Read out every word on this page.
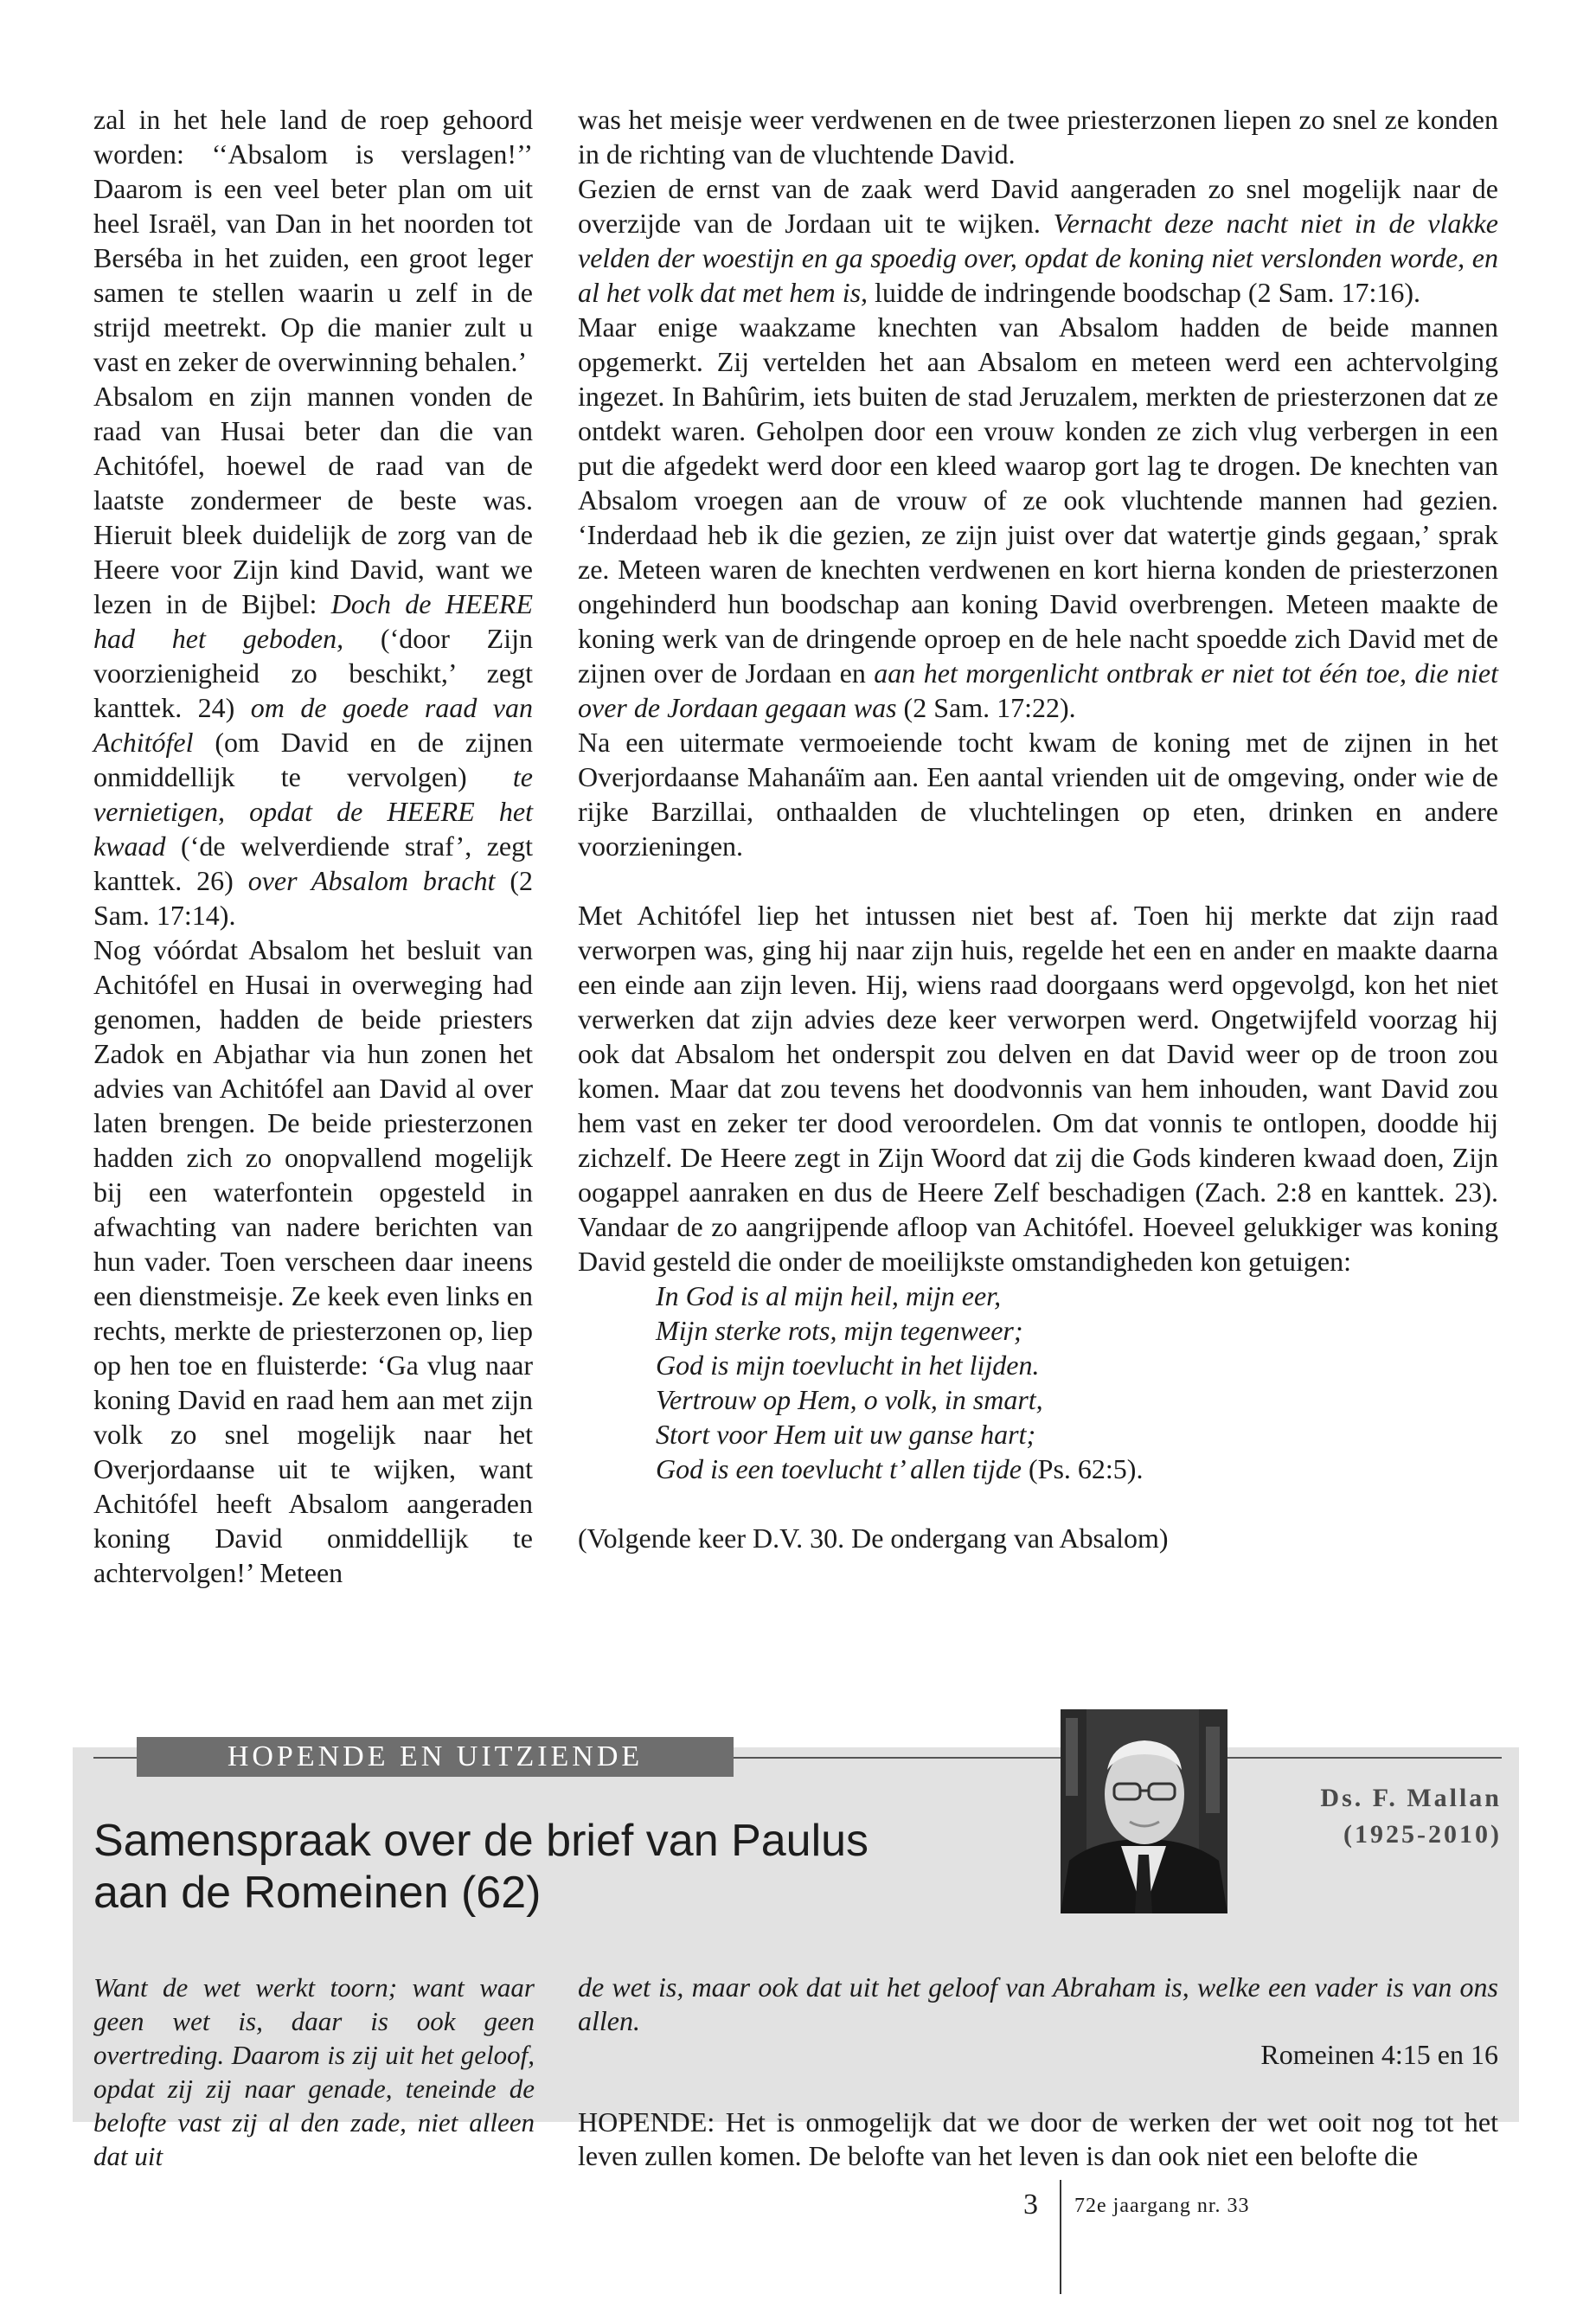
zal in het hele land de roep gehoord worden: ‘‘Absalom is verslagen!’’ Daarom is een veel beter plan om uit heel Israël, van Dan in het noorden tot Berséba in het zuiden, een groot leger samen te stellen waarin u zelf in de strijd meetrekt. Op die manier zult u vast en zeker de overwinning behalen.’

Absalom en zijn mannen vonden de raad van Husai beter dan die van Achitófel, hoewel de raad van de laatste zondermeer de beste was. Hieruit bleek duidelijk de zorg van de Heere voor Zijn kind David, want we lezen in de Bijbel: Doch de HEERE had het geboden, (‘door Zijn voorzienigheid zo beschikt,’ zegt kanttek. 24) om de goede raad van Achitófel (om David en de zijnen onmiddellijk te vervolgen) te vernietigen, opdat de HEERE het kwaad (‘de welverdiende straf’, zegt kanttek. 26) over Absalom bracht (2 Sam. 17:14).

Nog vóórdat Absalom het besluit van Achitófel en Husai in overweging had genomen, hadden de beide priesters Zadok en Abjathar via hun zonen het advies van Achitófel aan David al over laten brengen. De beide priesterzonen hadden zich zo onopvallend mogelijk bij een waterfontein opgesteld in afwachting van nadere berichten van hun vader. Toen verscheen daar ineens een dienstmeisje. Ze keek even links en rechts, merkte de priesterzonen op, liep op hen toe en fluisterde: ‘Ga vlug naar koning David en raad hem aan met zijn volk zo snel mogelijk naar het Overjordaanse uit te wijken, want Achitófel heeft Absalom aangeraden koning David onmiddellijk te achtervolgen!’ Meteen

was het meisje weer verdwenen en de twee priesterzonen liepen zo snel ze konden in de richting van de vluchtende David.

Gezien de ernst van de zaak werd David aangeraden zo snel mogelijk naar de overzijde van de Jordaan uit te wijken. Vernacht deze nacht niet in de vlakke velden der woestijn en ga spoedig over, opdat de koning niet verslonden worde, en al het volk dat met hem is, luidde de indringende boodschap (2 Sam. 17:16).

Maar enige waakzame knechten van Absalom hadden de beide mannen opgemerkt. Zij vertelden het aan Absalom en meteen werd een achtervolging ingezet. In Bahûrim, iets buiten de stad Jeruzalem, merkten de priesterzonen dat ze ontdekt waren. Geholpen door een vrouw konden ze zich vlug verbergen in een put die afgedekt werd door een kleed waarop gort lag te drogen. De knechten van Absalom vroegen aan de vrouw of ze ook vluchtende mannen had gezien. ‘Inderdaad heb ik die gezien, ze zijn juist over dat watertje ginds gegaan,’ sprak ze. Meteen waren de knechten verdwenen en kort hierna konden de priesterzonen ongehinderd hun boodschap aan koning David overbrengen. Meteen maakte de koning werk van de dringende oproep en de hele nacht spoedde zich David met de zijnen over de Jordaan en aan het morgenlicht ontbrak er niet tot één toe, die niet over de Jordaan gegaan was (2 Sam. 17:22).

Na een uitermate vermoeiende tocht kwam de koning met de zijnen in het Overjordaanse Mahanáïm aan. Een aantal vrienden uit de omgeving, onder wie de rijke Barzillai, onthaalden de vluchtelingen op eten, drinken en andere voorzieningen.

Met Achitófel liep het intussen niet best af. Toen hij merkte dat zijn raad verworpen was, ging hij naar zijn huis, regelde het een en ander en maakte daarna een einde aan zijn leven. Hij, wiens raad doorgaans werd opgevolgd, kon het niet verwerken dat zijn advies deze keer verworpen werd. Ongetwijfeld voorzag hij ook dat Absalom het onderspit zou delven en dat David weer op de troon zou komen. Maar dat zou tevens het doodvonnis van hem inhouden, want David zou hem vast en zeker ter dood veroordelen. Om dat vonnis te ontlopen, doodde hij zichzelf. De Heere zegt in Zijn Woord dat zij die Gods kinderen kwaad doen, Zijn oogappel aanraken en dus de Heere Zelf beschadigen (Zach. 2:8 en kanttek. 23). Vandaar de zo aangrijpende afloop van Achitófel. Hoeveel gelukkiger was koning David gesteld die onder de moeilijkste omstandigheden kon getuigen:

In God is al mijn heil, mijn eer,
Mijn sterke rots, mijn tegenweer;
God is mijn toevlucht in het lijden.
Vertrouw op Hem, o volk, in smart,
Stort voor Hem uit uw ganse hart;
God is een toevlucht t’ allen tijde (Ps. 62:5).

(Volgende keer D.V. 30. De ondergang van Absalom)

HOPENDE EN UITZIENDE
Ds. F. Mallan
(1925-2010)
Samenspraak over de brief van Paulus
aan de Romeinen (62)
Want de wet werkt toorn; want waar geen wet is, daar is ook geen overtreding. Daarom is zij uit het geloof, opdat zij zij naar genade, teneinde de belofte vast zij al den zade, niet alleen dat uit

de wet is, maar ook dat uit het geloof van Abraham is, welke een vader is van ons allen.

Romeinen 4:15 en 16

HOPENDE: Het is onmogelijk dat we door de werken der wet ooit nog tot het leven zullen komen. De belofte van het leven is dan ook niet een belofte die

3 72e jaargang nr. 33
